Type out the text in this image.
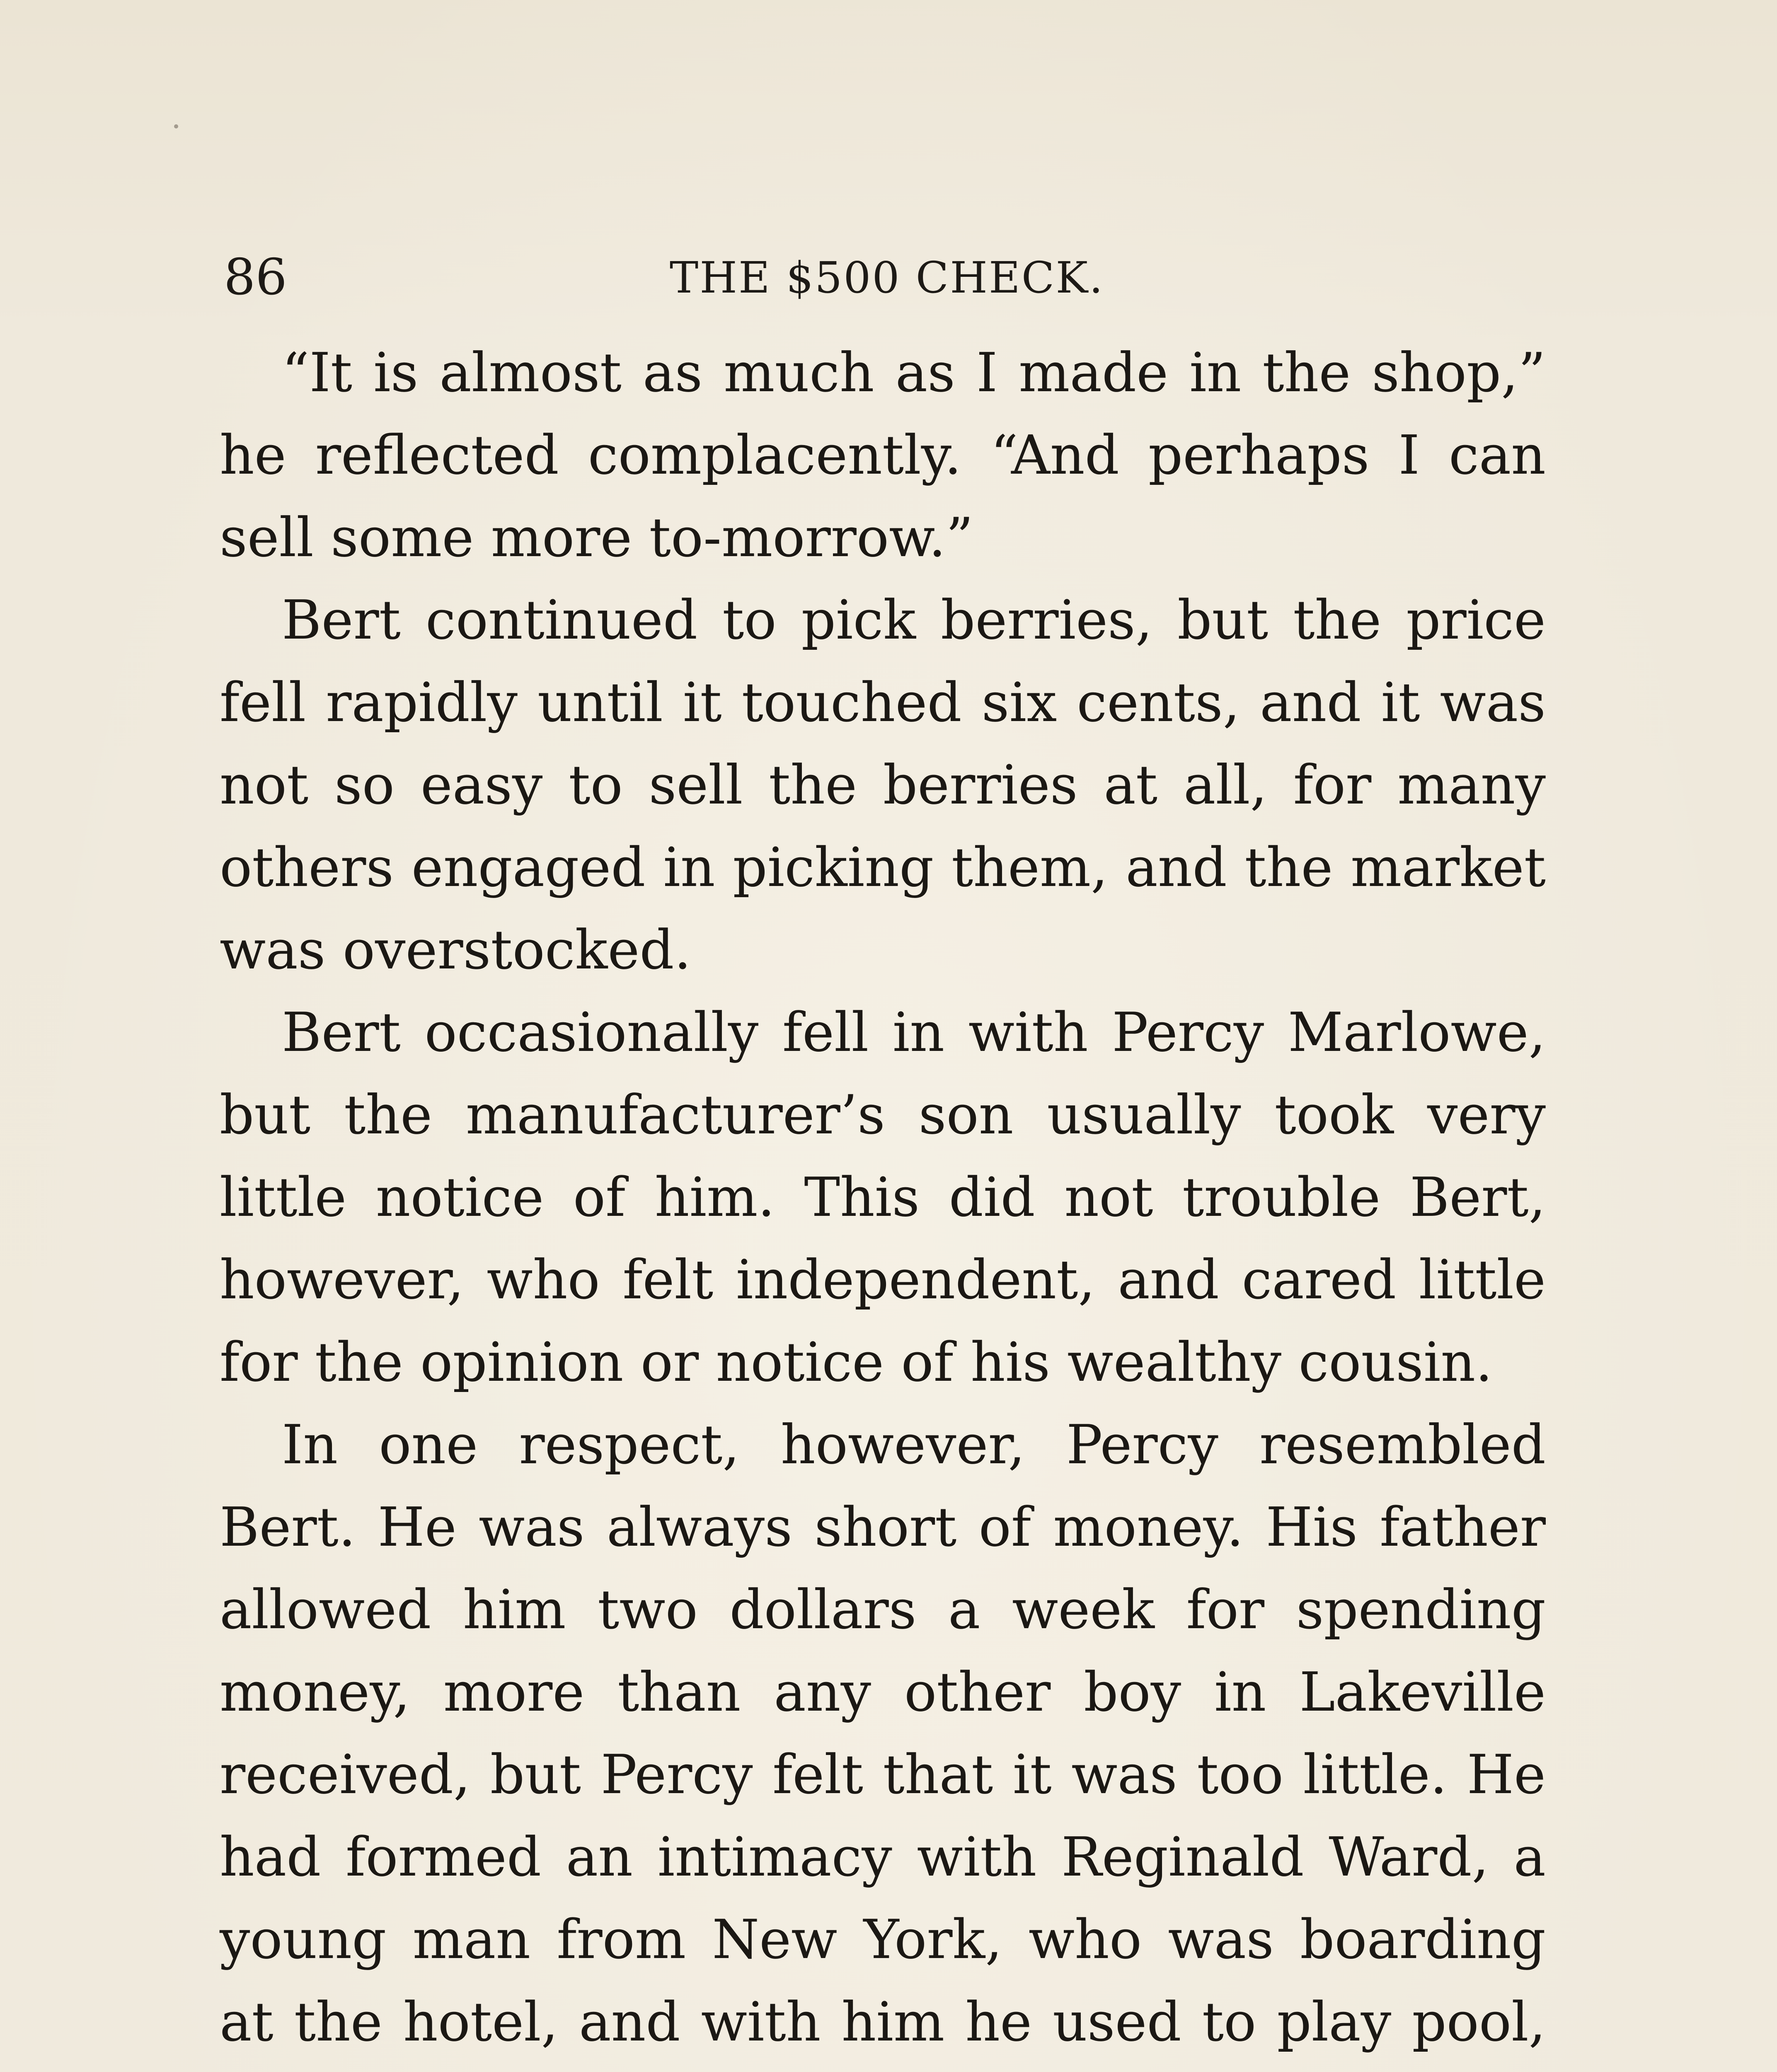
86	THE $500 CHECK.

“It is almost as much as I made in the shop,” he reflected complacently. “And perhaps I can sell some more to-morrow.”

Bert continued to pick berries, but the price fell rapidly until it touched six cents, and it was not so easy to sell the berries at all, for many others engaged in picking them, and the market was overstocked.

Bert occasionally fell in with Percy Marlowe, but the manufacturer’s son usually took very little notice of him. This did not trouble Bert, however, who felt independent, and cared little for the opinion or notice of his wealthy cousin.

In one respect, however, Percy resembled Bert. He was always short of money. His father allowed him two dollars a week for spending money, more than any other boy in Lakeville received, but Percy felt that it was too little. He had formed an intimacy with Reginald Ward, a young man from New York, who was boarding at the hotel, and with him he used to play pool,
